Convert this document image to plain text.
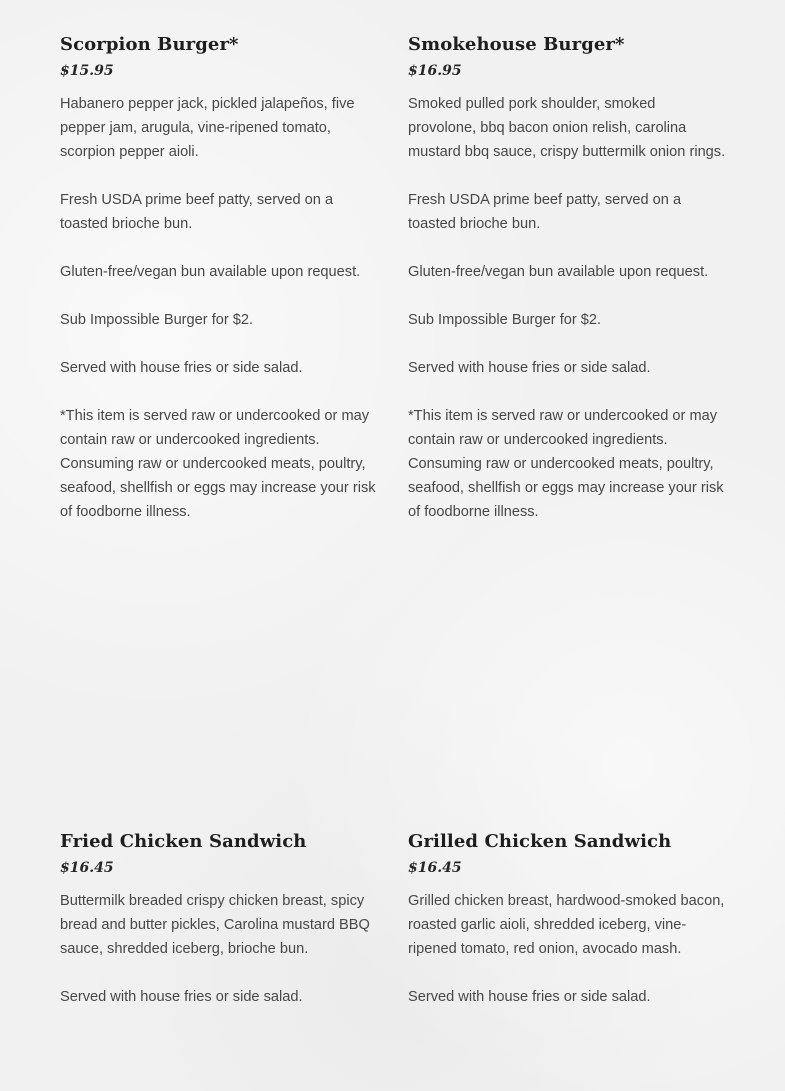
Scorpion Burger*
$15.95

Habanero pepper jack, pickled jalapeños, five pepper jam, arugula, vine-ripened tomato, scorpion pepper aioli.

Fresh USDA prime beef patty, served on a toasted brioche bun.

Gluten-free/vegan bun available upon request.

Sub Impossible Burger for $2.

Served with house fries or side salad.

*This item is served raw or undercooked or may contain raw or undercooked ingredients. Consuming raw or undercooked meats, poultry, seafood, shellfish or eggs may increase your risk of foodborne illness.

Smokehouse Burger*
$16.95

Smoked pulled pork shoulder, smoked provolone, bbq bacon onion relish, carolina mustard bbq sauce, crispy buttermilk onion rings.

Fresh USDA prime beef patty, served on a toasted brioche bun.

Gluten-free/vegan bun available upon request.

Sub Impossible Burger for $2.

Served with house fries or side salad.

*This item is served raw or undercooked or may contain raw or undercooked ingredients. Consuming raw or undercooked meats, poultry, seafood, shellfish or eggs may increase your risk of foodborne illness.

Fried Chicken Sandwich
$16.45

Buttermilk breaded crispy chicken breast, spicy bread and butter pickles, Carolina mustard BBQ sauce, shredded iceberg, brioche bun.

Served with house fries or side salad.

Grilled Chicken Sandwich
$16.45

Grilled chicken breast, hardwood-smoked bacon, roasted garlic aioli, shredded iceberg, vine-ripened tomato, red onion, avocado mash.

Served with house fries or side salad.
